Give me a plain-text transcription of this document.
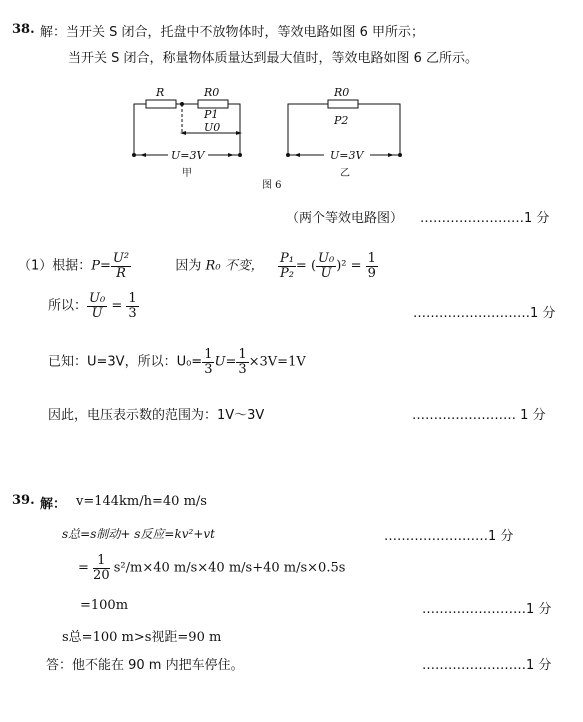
38. 解：当开关 S 闭合，托盘中不放物体时，等效电路如图 6 甲所示；
当开关 S 闭合，称量物体质量达到最大值时，等效电路如图 6 乙所示。
R	R0
P1
U0
U=3V
甲
R0
P2
U=3V
乙
图 6
（两个等效电路图） ……………………1 分
（1）根据：$P= \frac{\text{U²}}{R}$	因为 R₀ 不变， $\frac{\text{P₁}}{\text{P₂}}$ = ( $\frac{\text{U₀}}{U} )^2 = \frac{1}{9}$
所以： $\frac{\text{U₀}}{U} = \frac{1}{3}$	………………………1 分
已知：U=3V，所以：$U_0= \frac{1}{3} U= \frac{1}{3} \times 3V=1V$
因此，电压表示数的范围为：1V～3V	…………………… 1 分
39. 解： v=144km/h=40 m/s
s总=s制动+ s反应=kv²+vt	……………………1 分
= $\frac{1}{20} s^2/m\times 40$ m/s×40 m/s+40 m/s×0.5s
=100m	……………………1 分
s总=100 m>s视距=90 m
答：他不能在 90 m 内把车停住。	……………………1 分
